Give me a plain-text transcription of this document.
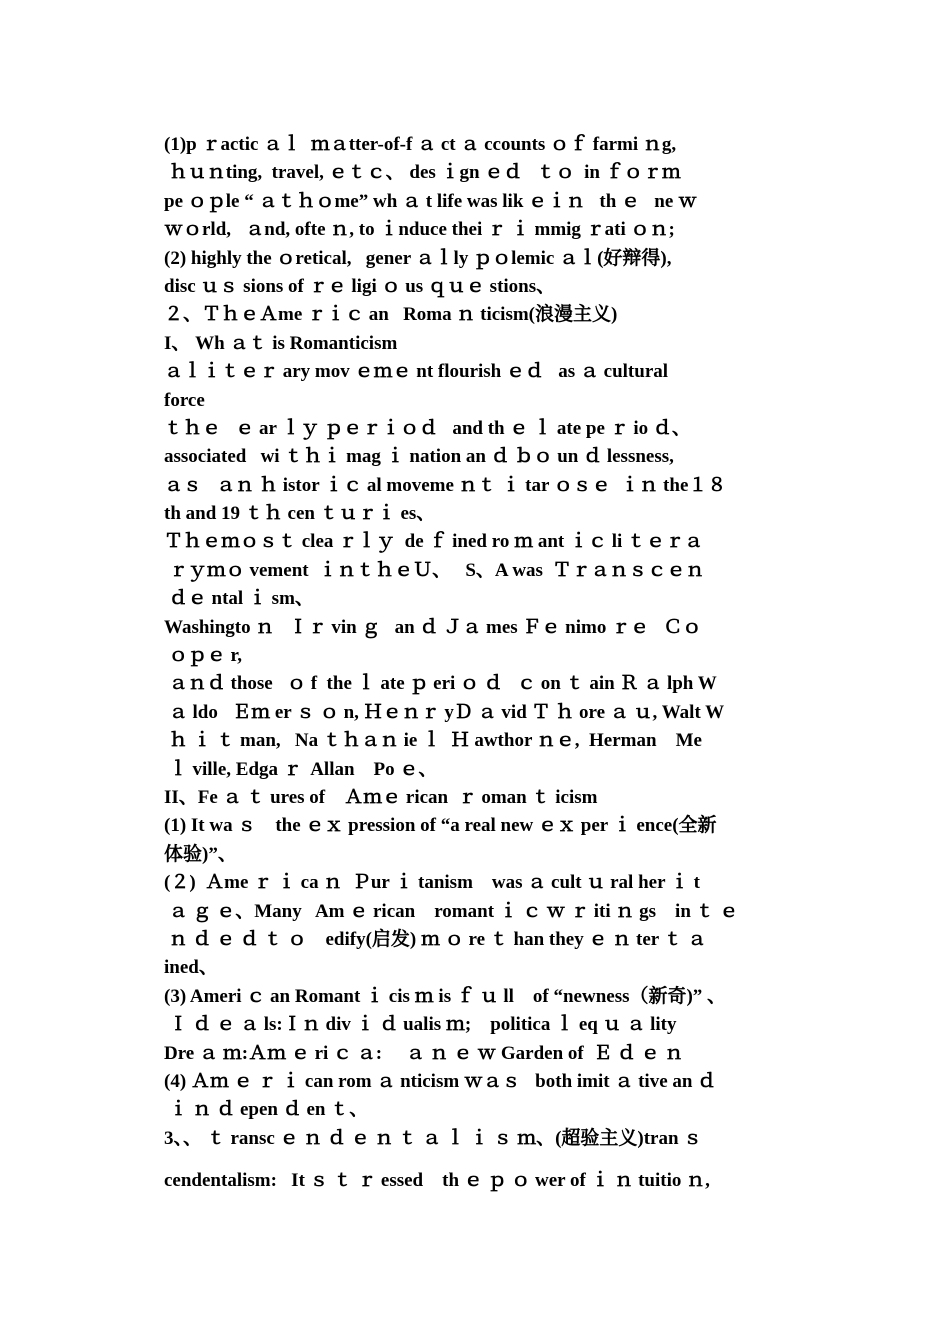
(1)p ｒactic ａｌ  ｍａtter-of-f ａ ct ａ ccounts ｏｆ farmi ｎg,
ｈｕｎting,  travel, ｅｔｃ、 des ｉgn ｅｄ   ｔｏ  in ｆｏｒｍ
pe ｏｐle “ ａｔｈｏme” wh ａ t life was lik ｅｉｎ   th ｅ   ne ｗ
ｗｏrld,   ａnd, ofte ｎ, to ｉnduce thei ｒ ｉ mmig ｒati ｏｎ;
(2) highly the ｏretical,   gener ａｌly ｐｏlemic ａｌ(好辩得),
disc ｕｓ sions of ｒｅ ligi ｏ us ｑｕｅ stions、
２、ＴｈｅＡme ｒｉｃ an   Roma ｎ ticism(浪漫主义)
I、 Wh ａｔ is Romanticism
ａｌｉｔｅｒ ary mov ｅｍｅ nt flourish ｅｄ   as ａ cultural
force
ｔｈｅ   ｅ ar ｌｙ ｐｅｒｉｏｄ   and th ｅ ｌ ate pe ｒ io ｄ、
associated   wi ｔｈｉ mag ｉ nation an ｄ ｂｏ un ｄ lessness,
ａｓ   ａｎ ｈ istor ｉｃ al moveme ｎｔ ｉ tar ｏｓｅ  ｉｎ the１８
th and 19 ｔｈ cen ｔｕｒｉ es、
Ｔｈｅｍｏｓｔ clea ｒｌｙ  de ｆ ined ro ｍ ant ｉｃ li ｔｅｒａ
ｒｙｍｏ vement  ｉｎｔｈｅＵ、   S、A was  Ｔｒａｎｓｃｅｎ
ｄｅ ntal ｉ sm、
Washingto ｎ   Ｉｒ vin ｇ   an ｄ Ｊａ mes Ｆｅ nimo ｒｅ   Ｃｏ
ｏｐｅ r,
ａｎｄ those   ｏ f  the ｌ ate ｐ eri ｏ ｄ   ｃ on ｔ ain Ｒ ａ lph W
ａ ldo   Ｅｍ er ｓ ｏ n, Ｈｅｎｒ yＤ ａ vid Ｔ ｈ ore ａ ｕ, Walt W
ｈ ｉ ｔ man,   Na ｔｈａｎ ie ｌ  Ｈ awthor ｎｅ,  Herman    Me
ｌ ville, Edga ｒ  Allan    Po ｅ、
II、Fe ａ ｔ ures of    Ａｍｅ rican  ｒ oman ｔ icism
(1) It wa ｓ    the ｅｘ pression of “a real new ｅｘ per ｉ ence(全新
体验)”、
(２)  Ａme ｒ ｉ ca ｎ  Ｐur ｉ tanism    was ａ cult ｕ ral her ｉ t
ａ ｇ ｅ、Many   Am ｅ rican    romant ｉ ｃ ｗ ｒ iti ｎ gs    in ｔ ｅ
ｎ ｄ ｅ ｄ ｔ ｏ    edify(启发) ｍ ｏ re ｔ han they ｅ ｎ ter ｔ ａ
ined、
(3) Ameri ｃ an Romant ｉ cis ｍ is ｆ ｕ ll    of “newness（新奇)” 、
Ｉ ｄ ｅ ａ ls:Ｉｎ div ｉ ｄ ualis ｍ;    politica ｌ eq ｕ ａ lity
Dre ａ ｍ:Ａｍ ｅ ri ｃ ａ:     ａ ｎ ｅ ｗ Garden of  Ｅ ｄ ｅ ｎ
(4) Ａｍ ｅ ｒ ｉ can rom ａ nticism ｗａｓ   both imit ａ tive an ｄ
ｉ ｎ ｄ epen ｄ en ｔ、
3、、 ｔ ransc ｅ ｎ ｄ ｅ ｎ ｔ ａ ｌ ｉ ｓ ｍ、(超验主义)tran ｓ
cendentalism:   It ｓ ｔ ｒ essed    th ｅ ｐ ｏ wer of ｉ ｎ tuitio ｎ,
